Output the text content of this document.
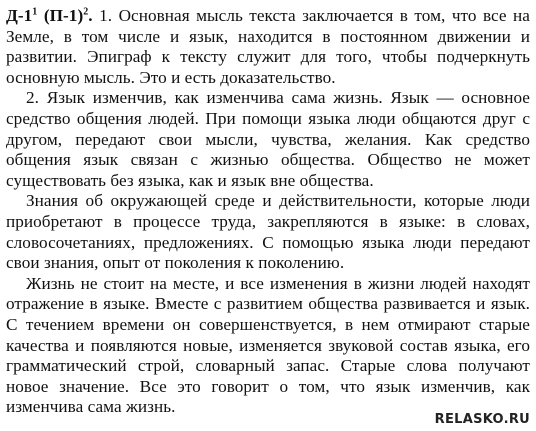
$Д-1^1$ $(П-1)^2$. 1. Основная мысль текста заключается в том, что все на Земле, в том числе и язык, находится в постоянном движении и развитии. Эпиграф к тексту служит для того, чтобы подчеркнуть основную мысль. Это и есть доказательство.

2. Язык изменчив, как изменчива сама жизнь. Язык — основное средство общения людей. При помощи языка люди общаются друг с другом, передают свои мысли, чувства, желания. Как средство общения язык связан с жизнью общества. Общество не может существовать без языка, как и язык вне общества.

Знания об окружающей среде и действительности, которые люди приобретают в процессе труда, закрепляются в языке: в словах, словосочетаниях, предложениях. С помощью языка люди передают свои знания, опыт от поколения к поколению.

Жизнь не стоит на месте, и все изменения в жизни людей находят отражение в языке. Вместе с развитием общества развивается и язык. С течением времени он совершенствуется, в нем отмирают старые качества и появляются новые, изменяется звуковой состав языка, его грамматический строй, словарный запас. Старые слова получают новое значение. Все это говорит о том, что язык изменчив, как изменчива сама жизнь.

RELASKO.RU
